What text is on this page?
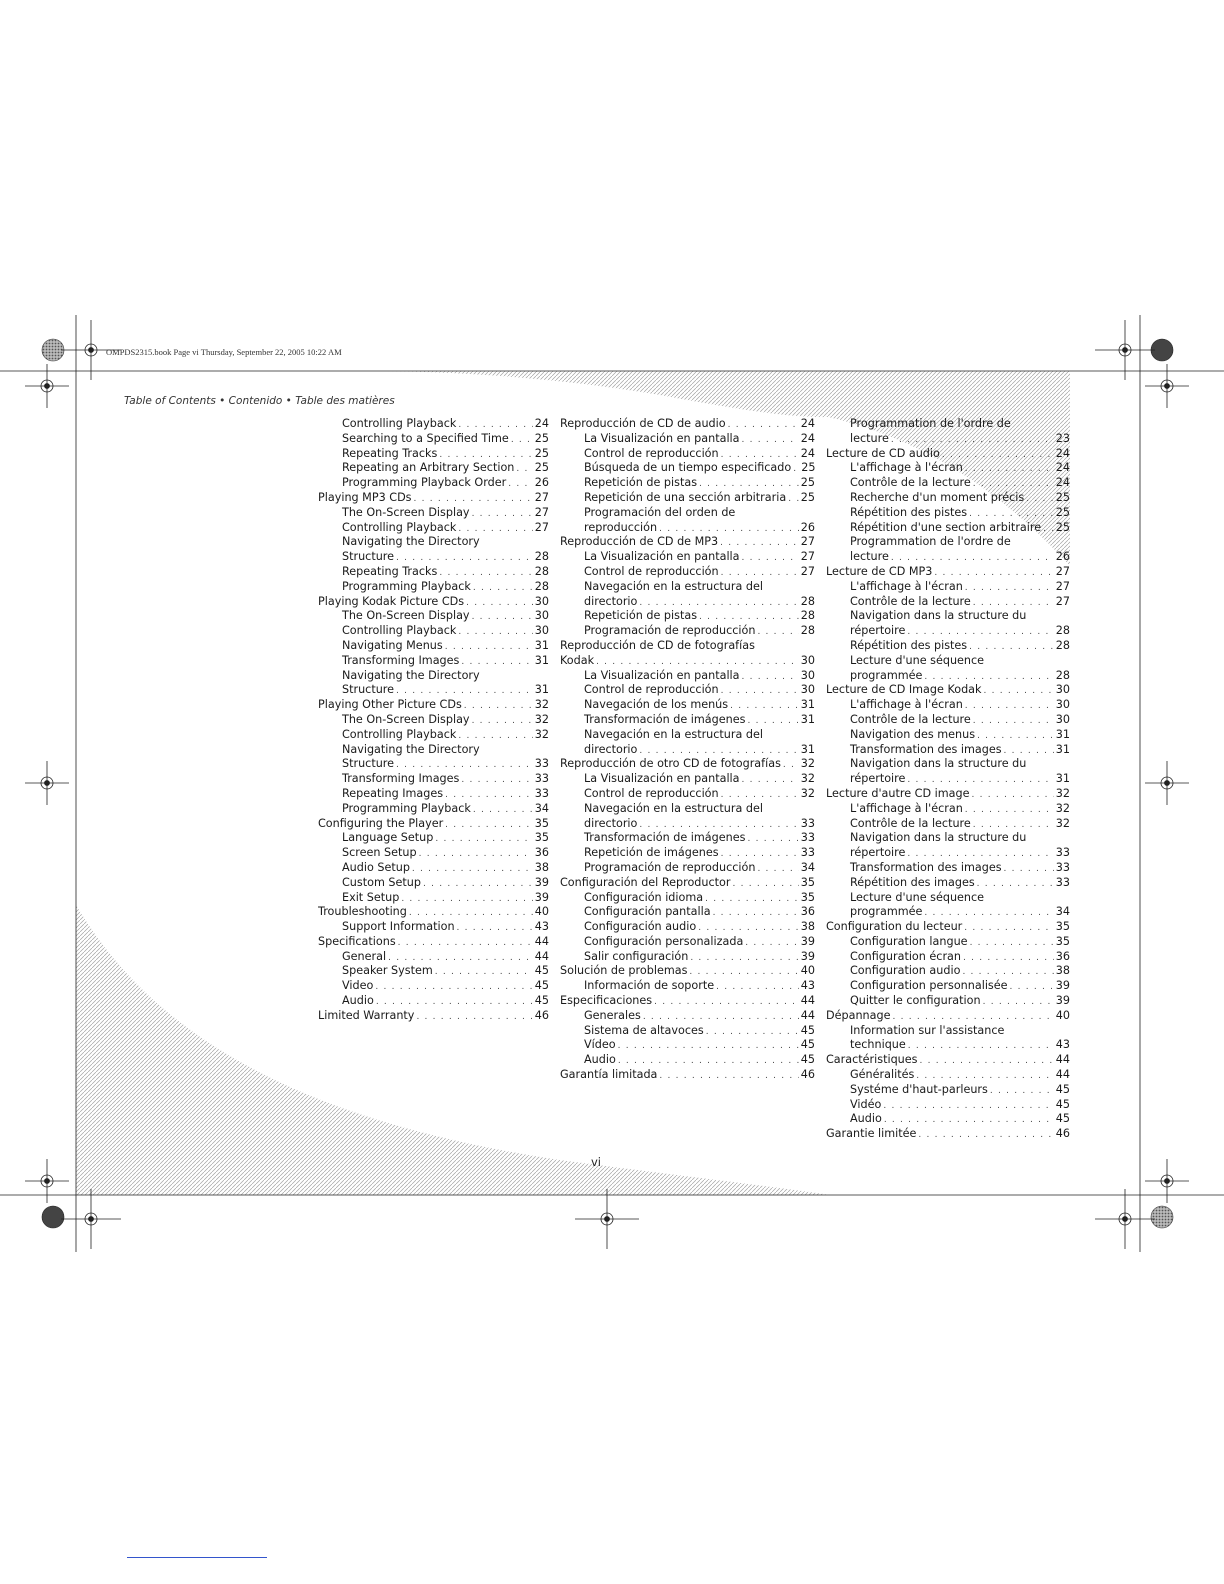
OMPDS2315.book Page vi Thursday, September 22, 2005 10:22 AM
Table of Contents • Contenido • Table des matières
Controlling Playback . . .	24
Searching to a Specified Time . . . 25
Repeating Tracks . . .	25
Repeating an Arbitrary Section . . . 25
Programming Playback Order . . .	26
Playing MP3 CDs . . .	27
The On-Screen Display . . .	27
Controlling Playback . . .	27
Navigating the Directory
Structure . . .	28
Repeating Tracks . . .	28
Programming Playback . . .	28
Playing Kodak Picture CDs . . .	30
The On-Screen Display . . .	30
Controlling Playback . . .	30
Navigating Menus . . .	31
Transforming Images . . .	31
Navigating the Directory
Structure . . .	31
Playing Other Picture CDs . . .	32
The On-Screen Display . . .	32
Controlling Playback . . .	32
Navigating the Directory
Structure . . .	33
Transforming Images . . .	33
Repeating Images . . .	33
Programming Playback . . .	34
Configuring the Player . . .	35
Language Setup . . .	35
Screen Setup . . .	36
Audio Setup . . .	38
Custom Setup . . .	39
Exit Setup . . .	39
Troubleshooting . . .	40
Support Information . . .	43
Specifications . . .	44
General . . .	44
Speaker System . . .	45
Video . . .	45
Audio . . .	45
Limited Warranty . . .	46
Reproducción de CD de audio . . .	24
La Visualización en pantalla . . .	24
Control de reproducción . . .	24
Búsqueda de un tiempo especificado . . . 25
Repetición de pistas . . .	25
Repetición de una sección arbitraria . . . 25
Programación del orden de
reproducción . . .	26
Reproducción de CD de MP3 . . .	27
La Visualización en pantalla . . .	27
Control de reproducción . . .	27
Navegación en la estructura del
directorio . . .	28
Repetición de pistas . . .	28
Programación de reproducción . . .	28
Reproducción de CD de fotografías
Kodak . . .	30
La Visualización en pantalla . . .	30
Control de reproducción . . .	30
Navegación de los menús . . .	31
Transformación de imágenes . . .	31
Navegación en la estructura del
directorio . . .	31
Reproducción de otro CD de fotografías . . . 32
La Visualización en pantalla . . .	32
Control de reproducción . . .	32
Navegación en la estructura del
directorio . . .	33
Transformación de imágenes . . .	33
Repetición de imágenes . . .	33
Programación de reproducción . . .	34
Configuración del Reproductor . . .	35
Configuración idioma . . .	35
Configuración pantalla . . .	36
Configuración audio . . .	38
Configuración personalizada . . .	39
Salir configuración . . .	39
Solución de problemas . . .	40
Información de soporte . . .	43
Especificaciones . . .	44
Generales . . .	44
Sistema de altavoces . . .	45
Vídeo . . .	45
Audio . . .	45
Garantía limitada . . .	46
Programmation de l'ordre de
lecture . . .	23
Lecture de CD audio . . .	24
L'affichage à l'écran . . .	24
Contrôle de la lecture . . .	24
Recherche d'un moment précis . . .	25
Répétition des pistes . . .	25
Répétition d'une section arbitraire . . . 25
Programmation de l'ordre de
lecture . . .	26
Lecture de CD MP3 . . .	27
L'affichage à l'écran . . .	27
Contrôle de la lecture . . .	27
Navigation dans la structure du
répertoire . . .	28
Répétition des pistes . . .	28
Lecture d'une séquence
programmée . . .	28
Lecture de CD Image Kodak . . .	30
L'affichage à l'écran . . .	30
Contrôle de la lecture . . .	30
Navigation des menus . . .	31
Transformation des images . . .	31
Navigation dans la structure du
répertoire . . .	31
Lecture d'autre CD image . . .	32
L'affichage à l'écran . . .	32
Contrôle de la lecture . . .	32
Navigation dans la structure du
répertoire . . .	33
Transformation des images . . .	33
Répétition des images . . .	33
Lecture d'une séquence
programmée . . .	34
Configuration du lecteur . . .	35
Configuration langue . . .	35
Configuration écran . . .	36
Configuration audio . . .	38
Configuration personnalisée . . .	39
Quitter le configuration . . .	39
Dépannage . . .	40
Information sur l'assistance
technique . . .	43
Caractéristiques . . .	44
Généralités . . .	44
Systéme d'haut-parleurs . . .	45
Vidéo . . .	45
Audio . . .	45
Garantie limitée . . .	46
vi
